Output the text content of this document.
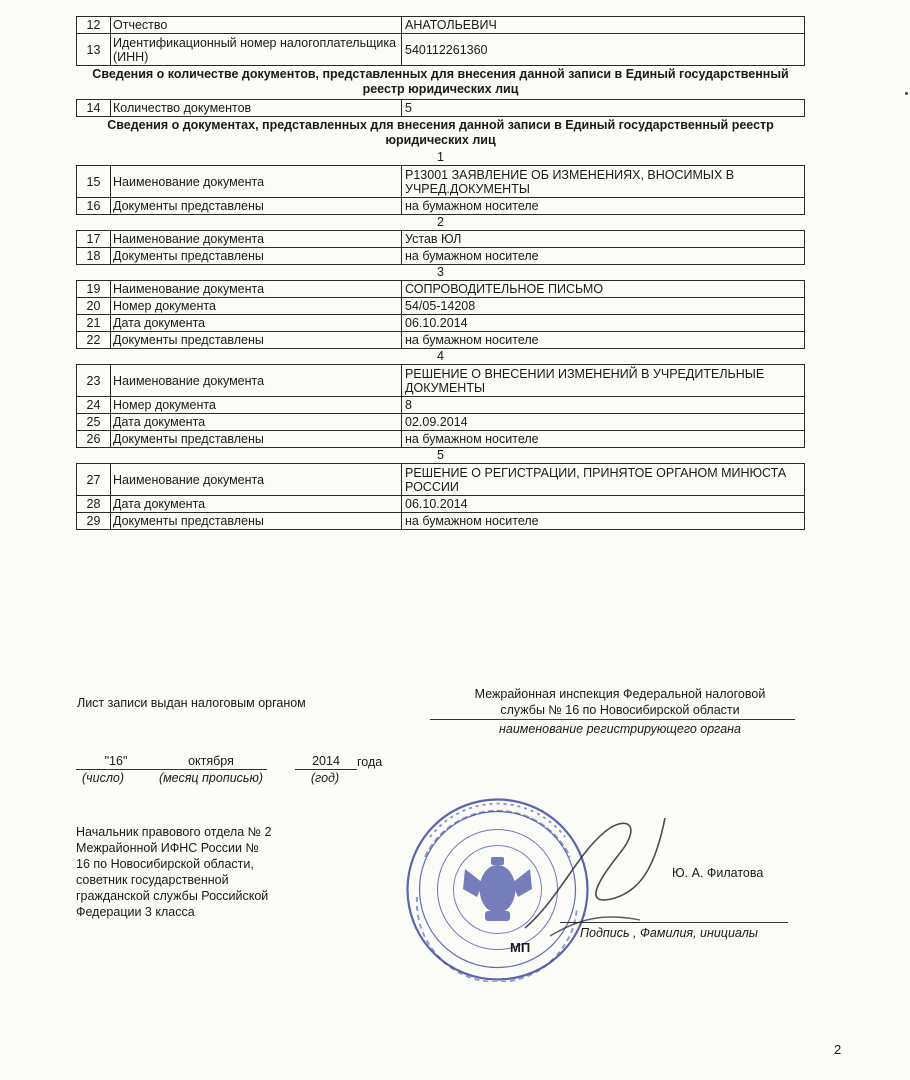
12	Отчество	АНАТОЛЬЕВИЧ
13	Идентификационный номер налогоплательщика (ИНН)	540112261360
Сведения о количестве документов, представленных для внесения данной записи в Единый государственный реестр юридических лиц
14	Количество документов	5
Сведения о документах, представленных для внесения данной записи в Единый государственный реестр юридических лиц
1
15	Наименование документа	Р13001 ЗАЯВЛЕНИЕ ОБ ИЗМЕНЕНИЯХ, ВНОСИМЫХ В УЧРЕД.ДОКУМЕНТЫ
16	Документы представлены	на бумажном носителе
2
17	Наименование документа	Устав ЮЛ
18	Документы представлены	на бумажном носителе
3
19	Наименование документа	СОПРОВОДИТЕЛЬНОЕ ПИСЬМО
20	Номер документа	54/05-14208
21	Дата документа	06.10.2014
22	Документы представлены	на бумажном носителе
4
23	Наименование документа	РЕШЕНИЕ О ВНЕСЕНИИ ИЗМЕНЕНИЙ В УЧРЕДИТЕЛЬНЫЕ ДОКУМЕНТЫ
24	Номер документа	8
25	Дата документа	02.09.2014
26	Документы представлены	на бумажном носителе
5
27	Наименование документа	РЕШЕНИЕ О РЕГИСТРАЦИИ, ПРИНЯТОЕ ОРГАНОМ МИНЮСТА РОССИИ
28	Дата документа	06.10.2014
29	Документы представлены	на бумажном носителе
Лист записи выдан налоговым органом
Межрайонная инспекция Федеральной налоговой
службы № 16 по Новосибирской области
наименование регистрирующего органа
"16"	октября	2014	года
(число)	(месяц прописью)	(год)
Начальник правового отдела № 2
Межрайонной ИФНС России №
16 по Новосибирской области,
советник государственной
гражданской службы Российской
Федерации 3 класса
МП
Ю. А. Филатова
Подпись , Фамилия, инициалы
2
